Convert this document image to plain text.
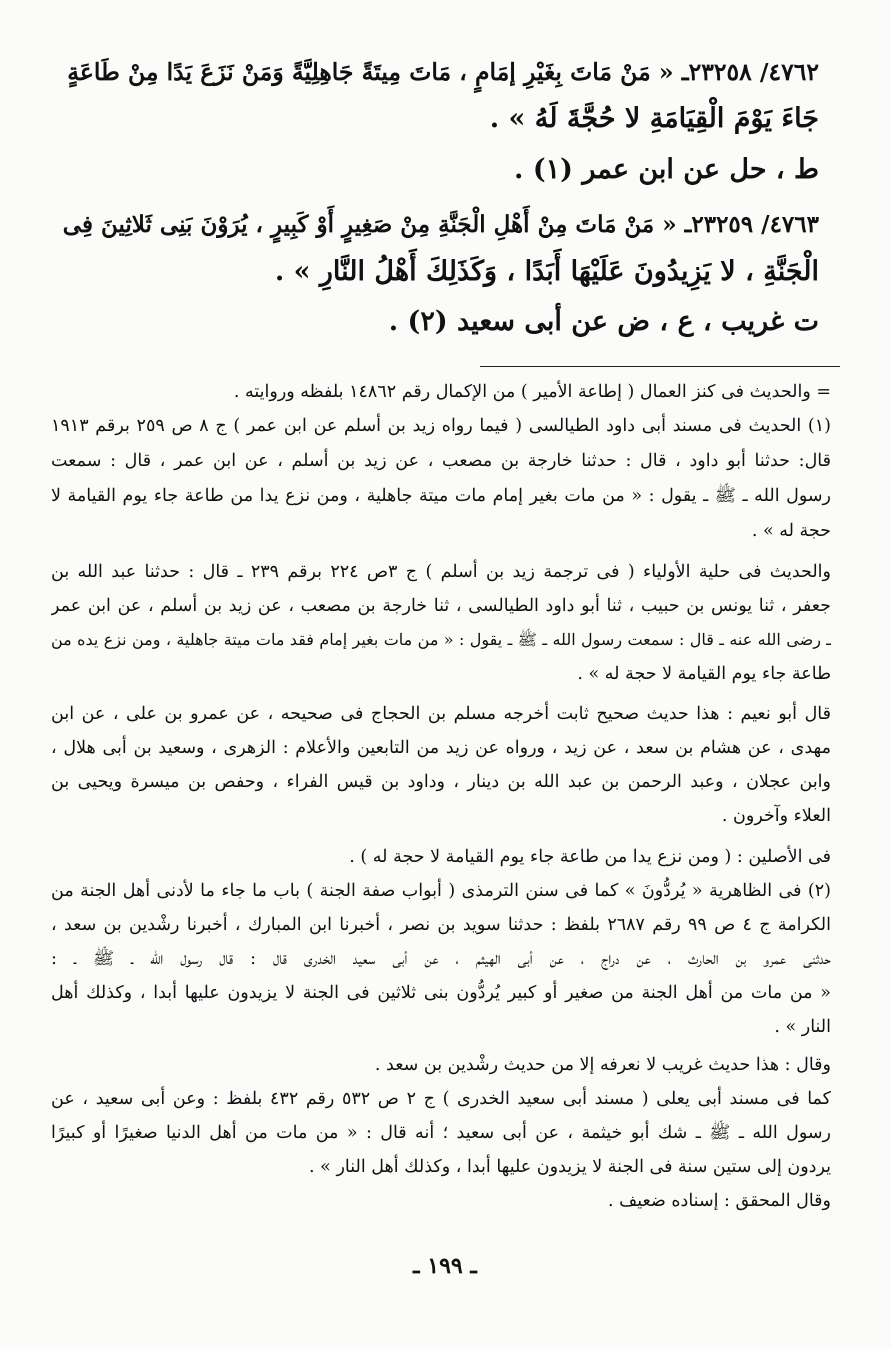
٤٧٦٢/ ٢٣٢٥٨ـ « مَنْ مَاتَ بِغَيْرِ إمَامٍ ، مَاتَ مِيتَةً جَاهِلِيَّةً وَمَنْ نَزَعَ يَدًا مِنْ طَاعَةٍ
جَاءَ يَوْمَ الْقِيَامَةِ لا حُجَّةَ لَهُ » .
ط ، حل عن ابن عمر (١) .
٤٧٦٣/ ٢٣٢٥٩ـ « مَنْ مَاتَ مِنْ أَهْلِ الْجَنَّةِ مِنْ صَغِيرٍ أَوْ كَبِيرٍ ، يُرَوْنَ بَنِى ثَلاثِينَ فِى
الْجَنَّةِ ، لا يَزِيدُونَ عَلَيْهَا أَبَدًا ، وَكَذَلِكَ أَهْلُ النَّارِ » .
ت غريب ، ع ، ض عن أبى سعيد (٢) .
= والحديث فى كنز العمال ( إطاعة الأمير ) من الإكمال رقم ١٤٨٦٢ بلفظه وروايته .
(١) الحديث فى مسند أبى داود الطيالسى ( فيما رواه زيد بن أسلم عن ابن عمر ) ج ٨ ص ٢٥٩ برقم ١٩١٣
قال: حدثنا أبو داود ، قال : حدثنا خارجة بن مصعب ، عن زيد بن أسلم ، عن ابن عمر ، قال : سمعت
رسول الله ـ ﷺ ـ يقول : « من مات بغير إمام مات ميتة جاهلية ، ومن نزع يدا من طاعة جاء يوم القيامة لا
حجة له » .
والحديث فى حلية الأولياء ( فى ترجمة زيد بن أسلم ) ج ٣ص ٢٢٤ برقم ٢٣٩ ـ قال : حدثنا عبد الله بن
جعفر ، ثنا يونس بن حبيب ، ثنا أبو داود الطيالسى ، ثنا خارجة بن مصعب ، عن زيد بن أسلم ، عن ابن عمر
ـ رضى الله عنه ـ قال : سمعت رسول الله ـ ﷺ ـ يقول : « من مات بغير إمام فقد مات ميتة جاهلية ، ومن نزع يده من
طاعة جاء يوم القيامة لا حجة له » .
قال أبو نعيم : هذا حديث صحيح ثابت أخرجه مسلم بن الحجاج فى صحيحه ، عن عمرو بن على ، عن ابن
مهدى ، عن هشام بن سعد ، عن زيد ، ورواه عن زيد من التابعين والأعلام : الزهرى ، وسعيد بن أبى هلال ،
وابن عجلان ، وعبد الرحمن بن عبد الله بن دينار ، وداود بن قيس الفراء ، وحفص بن ميسرة ويحيى بن
العلاء وآخرون .
فى الأصلين : ( ومن نزع يدا من طاعة جاء يوم القيامة لا حجة له ) .
(٢) فى الظاهرية « يُردُّونَ » كما فى سنن الترمذى ( أبواب صفة الجنة ) باب ما جاء ما لأدنى أهل الجنة من
الكرامة ج ٤ ص ٩٩ رقم ٢٦٨٧ بلفظ : حدثنا سويد بن نصر ، أخبرنا ابن المبارك ، أخبرنا رشْدين بن سعد ،
حدثنى عمرو بن الحارث ، عن دراج ، عن أبى الهيثم ، عن أبى سعيد الخدرى قال : قال رسول الله ـ ﷺ ـ :
« من مات من أهل الجنة من صغير أو كبير يُردُّون بنى ثلاثين فى الجنة لا يزيدون عليها أبدا ، وكذلك أهل
النار » .
وقال : هذا حديث غريب لا نعرفه إلا من حديث رشْدين بن سعد .
كما فى مسند أبى يعلى ( مسند أبى سعيد الخدرى ) ج ٢ ص ٥٣٢ رقم ٤٣٢ بلفظ : وعن أبى سعيد ، عن
رسول الله ـ ﷺ ـ شك أبو خيثمة ، عن أبى سعيد ؛ أنه قال : « من مات من أهل الدنيا صغيرًا أو كبيرًا
يردون إلى ستين سنة فى الجنة لا يزيدون عليها أبدا ، وكذلك أهل النار » .
وقال المحقق : إسناده ضعيف .
ـ ١٩٩ ـ
